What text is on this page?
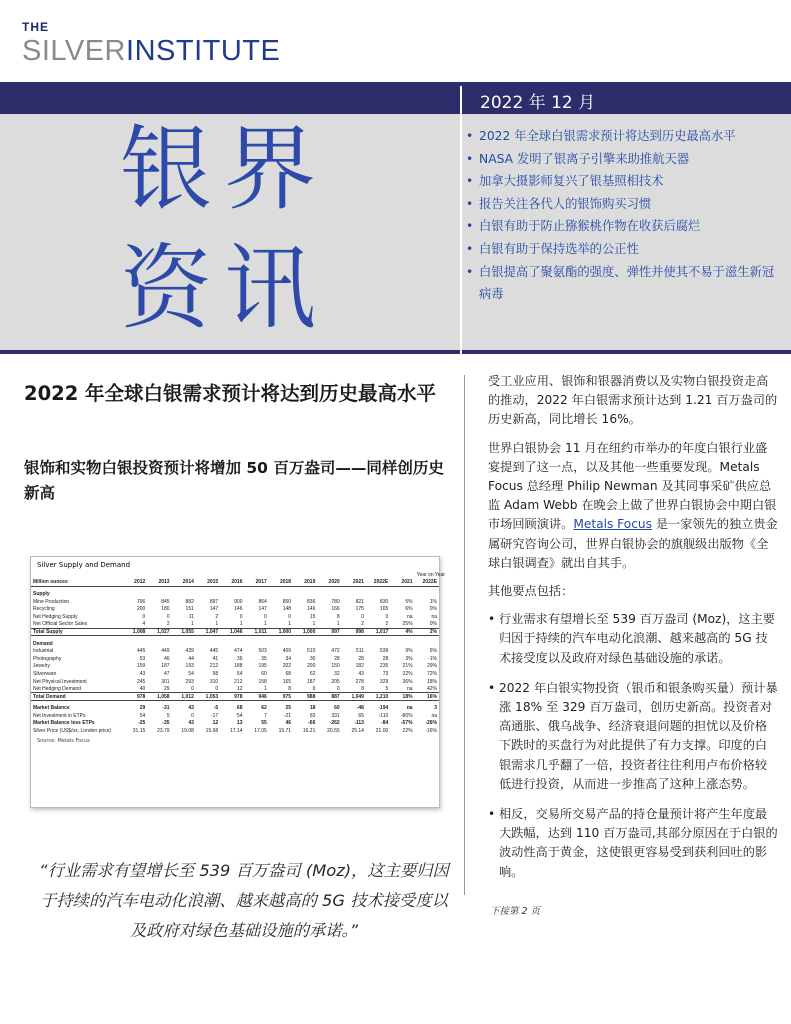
THE
SILVERINSTITUTE
银界
资讯
2022 年 12 月
• 2022 年全球白银需求预计将达到历史最高水平
• NASA 发明了银离子引擎来助推航天器
• 加拿大摄影师复兴了银基照相技术
• 报告关注各代人的银饰购买习惯
• 白银有助于防止猕猴桃作物在收获后腐烂
• 白银有助于保持选举的公正性
• 白银提高了聚氨酯的强度、弹性并使其不易于滋生新冠病毒
2022 年全球白银需求预计将达到历史最高水平
银饰和实物白银投资预计将增加 50 百万盎司——同样创历史新高
Silver Supply and Demand
													Year on Year
Million ounces	2012	2013	2014	2015	2016	2017	2018	2019	2020	2021	2022E	2021	2022E

Supply													
Mine Production	796	845	882	897	900	864	850	836	780	821	830	5%	1%
Recycling	200	180	151	147	146	147	148	146	166	175	165	6%	0%
Net Hedging Supply	0	0	11	2	0	0	0	15	8	0	0	na	na
Net Official Sector Sales	4	2	1	1	1	1	1	1	1	2	2	25%	0%
Total Supply	1,008	1,027	1,055	1,047	1,046	1,011	1,000	1,000	997	998	1,017	4%	2%

Demand													
Industrial	445	449	439	445	474	503	409	510	472	511	539	9%	5%
Photography	53	46	44	41	36	35	34	30	28	28	28	3%	-1%
Jewelry	159	187	193	212	188	195	202	200	150	182	235	21%	29%
Silverware	43	47	54	58	54	60	68	62	32	43	73	32%	72%
Net Physical Investment	245	301	293	310	212	158	165	187	205	278	329	36%	18%
Net Hedging Demand	40	29	0	0	12	1	8	0	0	8	5	na	42%
Total Demand	978	1,058	1,012	1,053	978	946	975	988	887	1,049	1,210	18%	16%

Market Balance	29	-31	43	-5	68	62	25	18	60	-48	-194	na	3
Net Investment in ETPs	54	5	0	-17	54	7	-21	83	331	65	-110	-80%	na
Market Balance less ETPs	-25	-35	43	12	13	55	46	-66	-262	-113	-84	-57%	-26%
Silver Price (US$/oz, London price)	31.15	23.79	19.08	15.68	17.14	17.05	15.71	16.21	20.55	25.14	21.00	22%	-16%
Source: Metals Focus
“行业需求有望增长至 539 百万盎司 (Moz)，这主要归因于持续的汽车电动化浪潮、越来越高的 5G 技术接受度以及政府对绿色基础设施的承诺。”

受工业应用、银饰和银器消费以及实物白银投资走高的推动，2022 年白银需求预计达到 1.21 百万盎司的历史新高，同比增长 16%。

世界白银协会 11 月在纽约市举办的年度白银行业盛宴提到了这一点，以及其他一些重要发现。Metals Focus 总经理 Philip Newman 及其同事采矿供应总监 Adam Webb 在晚会上做了世界白银协会中期白银市场回顾演讲。Metals Focus 是一家领先的独立贵金属研究咨询公司，世界白银协会的旗舰级出版物《全球白银调查》就出自其手。

其他要点包括：

• 行业需求有望增长至 539 百万盎司 (Moz)，这主要归因于持续的汽车电动化浪潮、越来越高的 5G 技术接受度以及政府对绿色基础设施的承诺。
• 2022 年白银实物投资（银币和银条购买量）预计暴涨 18% 至 329 百万盎司，创历史新高。投资者对高通胀、俄乌战争、经济衰退问题的担忧以及价格下跌时的买盘行为对此提供了有力支撑。印度的白银需求几乎翻了一倍，投资者往往利用卢布价格较低进行投资，从而进一步推高了这种上涨态势。
• 相反，交易所交易产品的持仓量预计将产生年度最大跌幅，达到 110 百万盎司,其部分原因在于白银的波动性高于黄金，这使银更容易受到获利回吐的影响。
下接第 2 页
